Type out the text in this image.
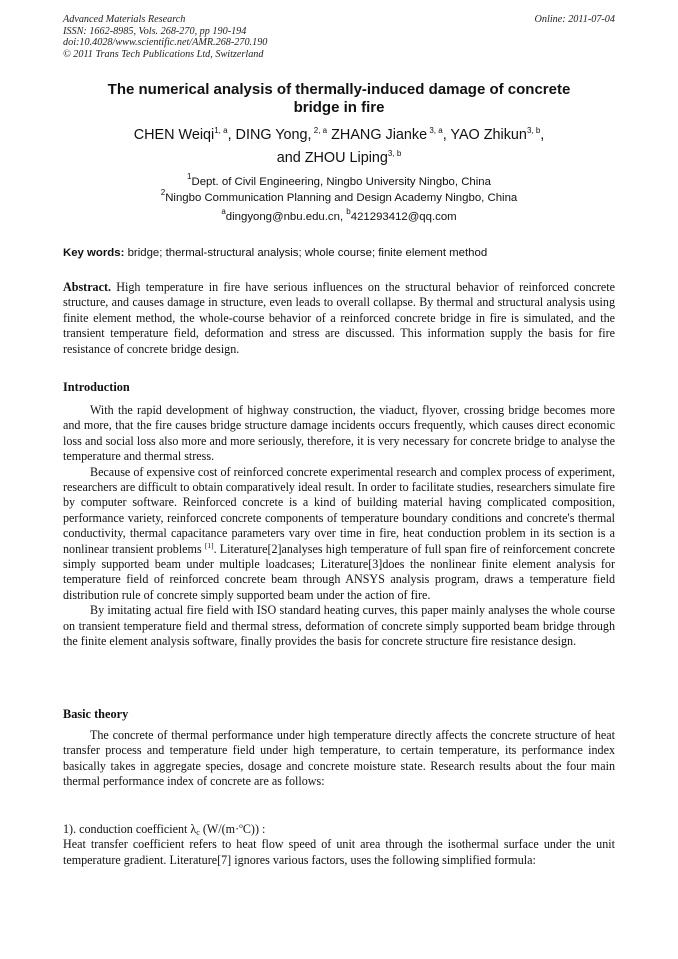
Advanced Materials Research
ISSN: 1662-8985, Vols. 268-270, pp 190-194
doi:10.4028/www.scientific.net/AMR.268-270.190
© 2011 Trans Tech Publications Ltd, Switzerland
Online: 2011-07-04
The numerical analysis of thermally-induced damage of concrete
bridge in fire
CHEN Weiqi$^{1, a}$, DING Yong, $^{2, a}$ ZHANG Jianke $^{3, a}$, YAO Zhikun$^{3, b}$,
and ZHOU Liping$^{3, b}$
$^1$Dept. of Civil Engineering, Ningbo University Ningbo, China
$^2$Ningbo Communication Planning and Design Academy Ningbo, China
$^a$dingyong@nbu.edu.cn, $^b$421293412@qq.com
Key words: bridge; thermal-structural analysis; whole course; finite element method

Abstract. High temperature in fire have serious influences on the structural behavior of reinforced concrete structure, and causes damage in structure, even leads to overall collapse. By thermal and structural analysis using finite element method, the whole-course behavior of a reinforced concrete bridge in fire is simulated, and the transient temperature field, deformation and stress are discussed. This information supply the basis for fire resistance of concrete bridge design.

Introduction

With the rapid development of highway construction, the viaduct, flyover, crossing bridge becomes more and more, that the fire causes bridge structure damage incidents occurs frequently, which causes direct economic loss and social loss also more and more seriously, therefore, it is very necessary for concrete bridge to analyse the temperature and thermal stress.

Because of expensive cost of reinforced concrete experimental research and complex process of experiment, researchers are difficult to obtain comparatively ideal result. In order to facilitate studies, researchers simulate fire by computer software. Reinforced concrete is a kind of building material having complicated composition, performance variety, reinforced concrete components of temperature boundary conditions and concrete's thermal conductivity, thermal capacitance parameters vary over time in fire, heat conduction problem in its section is a nonlinear transient problems [1]. Literature[2]analyses high temperature of full span fire of reinforcement concrete simply supported beam under multiple loadcases; Literature[3]does the nonlinear finite element analysis for temperature field of reinforced concrete beam through ANSYS analysis program, draws a temperature field distribution rule of concrete simply supported beam under the action of fire.

By imitating actual fire field with ISO standard heating curves, this paper mainly analyses the whole course on transient temperature field and thermal stress, deformation of concrete simply supported beam bridge through the finite element analysis software, finally provides the basis for concrete structure fire resistance design.

Basic theory

The concrete of thermal performance under high temperature directly affects the concrete structure of heat transfer process and temperature field under high temperature, to certain temperature, its performance index basically takes in aggregate species, dosage and concrete moisture state. Research results about the four main thermal performance index of concrete are as follows:

1). conduction coefficient $\lambda_c$ (W/(m·$^o$C)) :

Heat transfer coefficient refers to heat flow speed of unit area through the isothermal surface under the unit temperature gradient. Literature[7] ignores various factors, uses the following simplified formula:
